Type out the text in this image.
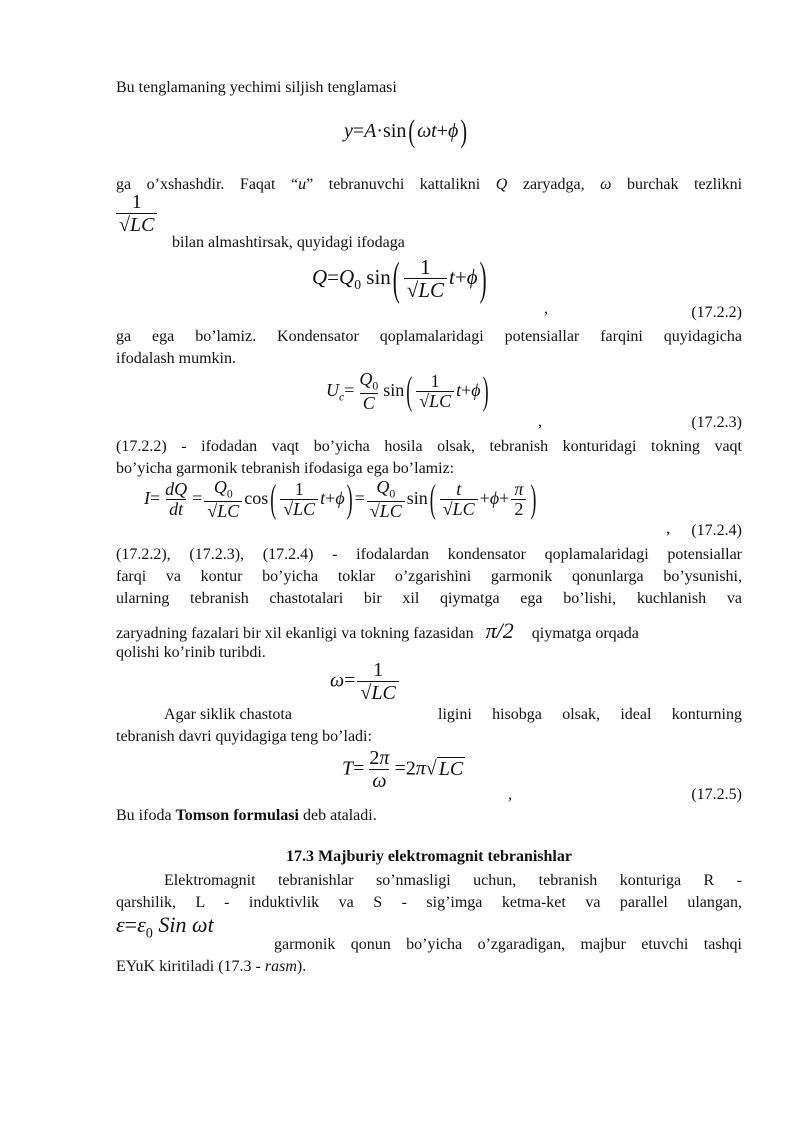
Bu tenglamaning yechimi siljish tenglamasi
y=A·sin ( ωt+ϕ )
ga o’xshashdir. Faqat “u” tebranuvchi kattalikni Q zaryadga, ω burchak tezlikni
$\frac{1}{√LC}$
bilan almashtirsak, quyidagi ifodaga
$Q=Q_0$ $\sin( \frac{1}{√LC} t+\phi)$
,	(17.2.2)
ga ega bo’lamiz. Kondensator qoplamalaridagi potensiallar farqini quyidagicha
ifodalash mumkin.
$U_c= \frac{Q_0}{C}$ sin ( $\frac{1}{√LC} t+\phi$ )
,	(17.2.3)
(17.2.2) - ifodadan vaqt bo’yicha hosila olsak, tebranish konturidagi tokning vaqt
bo’yicha garmonik tebranish ifodasiga ega bo’lamiz:
$I= \frac{dQ}{dt} = \frac{Q_0}{√LC}$ cos ( $\frac{1}{√LC} t+\phi$ ) = $\frac{Q_0}{√LC}$ sin ( $\frac{t}{√LC} +\phi+ \frac{\pi}{2}$ )
, (17.2.4)
(17.2.2), (17.2.3), (17.2.4) - ifodalardan kondensator qoplamalaridagi potensiallar
farqi va kontur bo’yicha toklar o’zgarishini garmonik qonunlarga bo’ysunishi,
ularning tebranish chastotalari bir xil qiymatga ega bo’lishi, kuchlanish va
zaryadning fazalari bir xil ekanligi va tokning fazasidan π/2 qiymatga orqada
qolishi ko’rinib turibdi.
$\omega= \frac{1}{√LC}$
Agar siklik chastota	ligini hisobga olsak, ideal konturning
tebranish davri quyidagiga teng bo’ladi:
$T= \frac{2\pi}{\omega} =2\pi√$ LC
,	(17.2.5)
Bu ifoda Tomson formulasi deb ataladi.
17.3 Majburiy elektromagnit tebranishlar
Elektromagnit tebranishlar so’nmasligi uchun, tebranish konturiga R -
qarshilik, L - induktivlik va S - sig’imga ketma-ket va parallel ulangan,
$\varepsilon=\varepsilon_0$ Sin ωt
garmonik qonun bo’yicha o’zgaradigan, majbur etuvchi tashqi
EYuK kiritiladi (17.3 - rasm).
